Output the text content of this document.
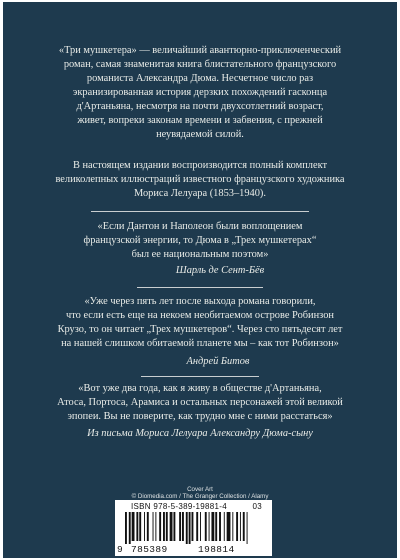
«Три мушкетера» — величайший авантюрно-приключенческий

роман, самая знаменитая книга блистательного французского

романиста Александра Дюма. Несчетное число раз

экранизированная история дерзких похождений гасконца

д'Артаньяна, несмотря на почти двухсотлетний возраст,

живет, вопреки законам времени и забвения, с прежней

неувядаемой силой.

В настоящем издании воспроизводится полный комплект

великолепных иллюстраций известного французского художника

Мориса Лелуара (1853–1940).

«Если Дантон и Наполеон были воплощением

французской энергии, то Дюма в „Трех мушкетерах“

был ее национальным поэтом»

Шарль де Сент-Бёв

«Уже через пять лет после выхода романа говорили,

что если есть еще на некоем необитаемом острове Робинзон

Крузо, то он читает „Трех мушкетеров“. Через сто пятьдесят лет

на нашей слишком обитаемой планете мы – как тот Робинзон»

Андрей Битов

«Вот уже два года, как я живу в обществе д'Артаньяна,

Атоса, Портоса, Арамиса и остальных персонажей этой великой

эпопеи. Вы не поверите, как трудно мне с ними расстаться»

Из письма Мориса Лелуара Александру Дюма-сыну
Cover Art
© Diomedia.com / The Granger Collection / Alamy
ISBN 978-5-389-19881-4	03
9 785389	198814
